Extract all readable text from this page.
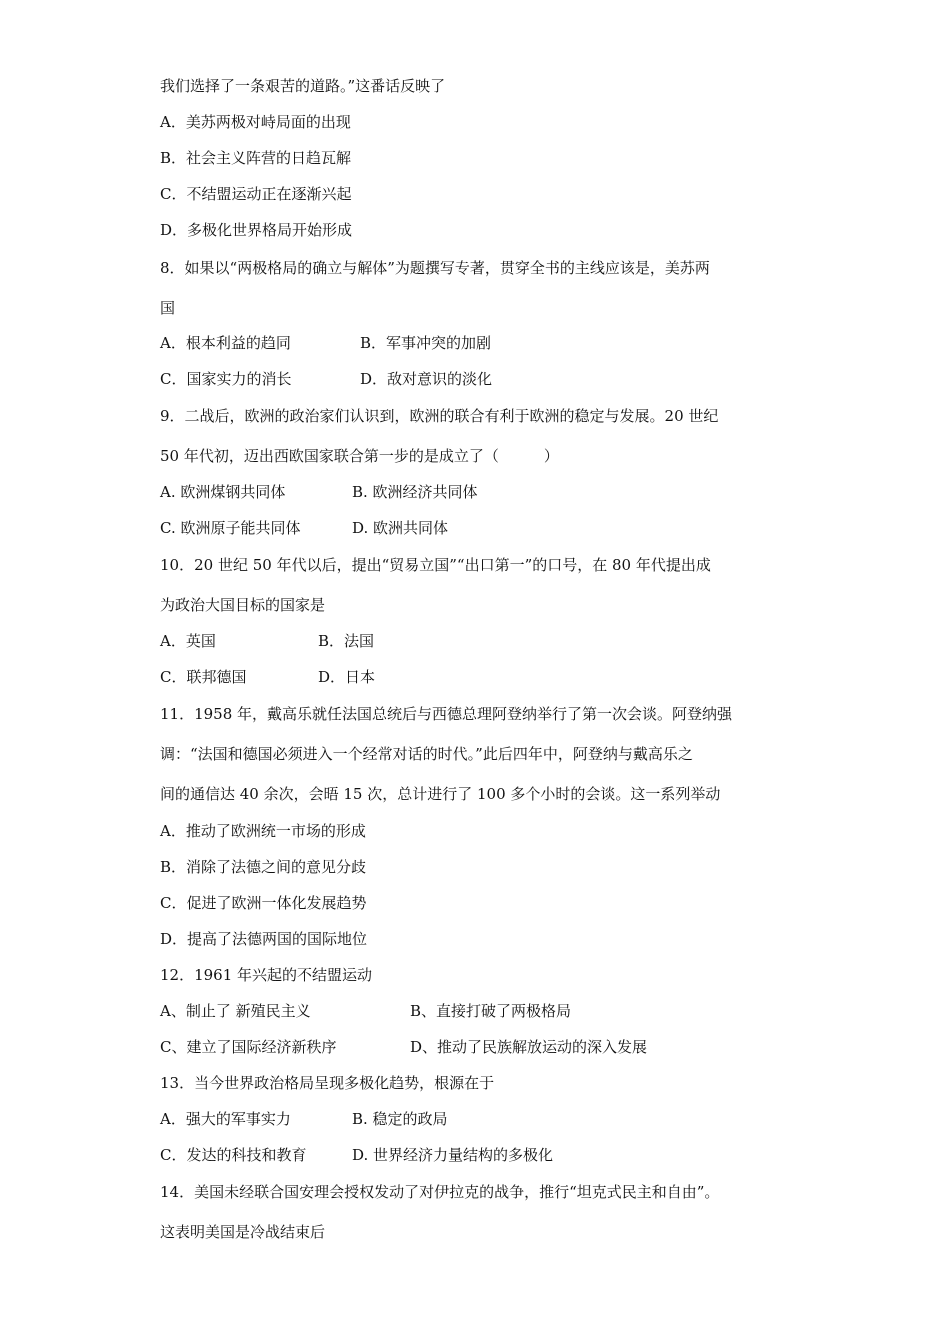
我们选择了一条艰苦的道路。”这番话反映了
A．美苏两极对峙局面的出现
B．社会主义阵营的日趋瓦解
C．不结盟运动正在逐渐兴起
D．多极化世界格局开始形成
8．如果以“两极格局的确立与解体”为题撰写专著，贯穿全书的主线应该是，美苏两
国
A．根本利益的趋同	B．军事冲突的加剧
C．国家实力的消长	D．敌对意识的淡化
9．二战后，欧洲的政治家们认识到，欧洲的联合有利于欧洲的稳定与发展。20 世纪
50 年代初，迈出西欧国家联合第一步的是成立了（　　　）
A. 欧洲煤钢共同体	B. 欧洲经济共同体
C. 欧洲原子能共同体	D. 欧洲共同体
10．20 世纪 50 年代以后，提出“贸易立国”“出口第一”的口号，在 80 年代提出成
为政治大国目标的国家是
A．英国	B．法国
C．联邦德国	D．日本
11．1958 年，戴高乐就任法国总统后与西德总理阿登纳举行了第一次会谈。阿登纳强
调：“法国和德国必须进入一个经常对话的时代。”此后四年中，阿登纳与戴高乐之
间的通信达 40 余次，会晤 15 次，总计进行了 100 多个小时的会谈。这一系列举动
A．推动了欧洲统一市场的形成
B．消除了法德之间的意见分歧
C．促进了欧洲一体化发展趋势
D．提高了法德两国的国际地位
12．1961 年兴起的不结盟运动
A、制止了 新殖民主义	B、直接打破了两极格局
C、建立了国际经济新秩序	D、推动了民族解放运动的深入发展
13．当今世界政治格局呈现多极化趋势，根源在于
A．强大的军事实力	B. 稳定的政局
C．发达的科技和教育	D. 世界经济力量结构的多极化
14．美国未经联合国安理会授权发动了对伊拉克的战争，推行“坦克式民主和自由”。
这表明美国是冷战结束后
